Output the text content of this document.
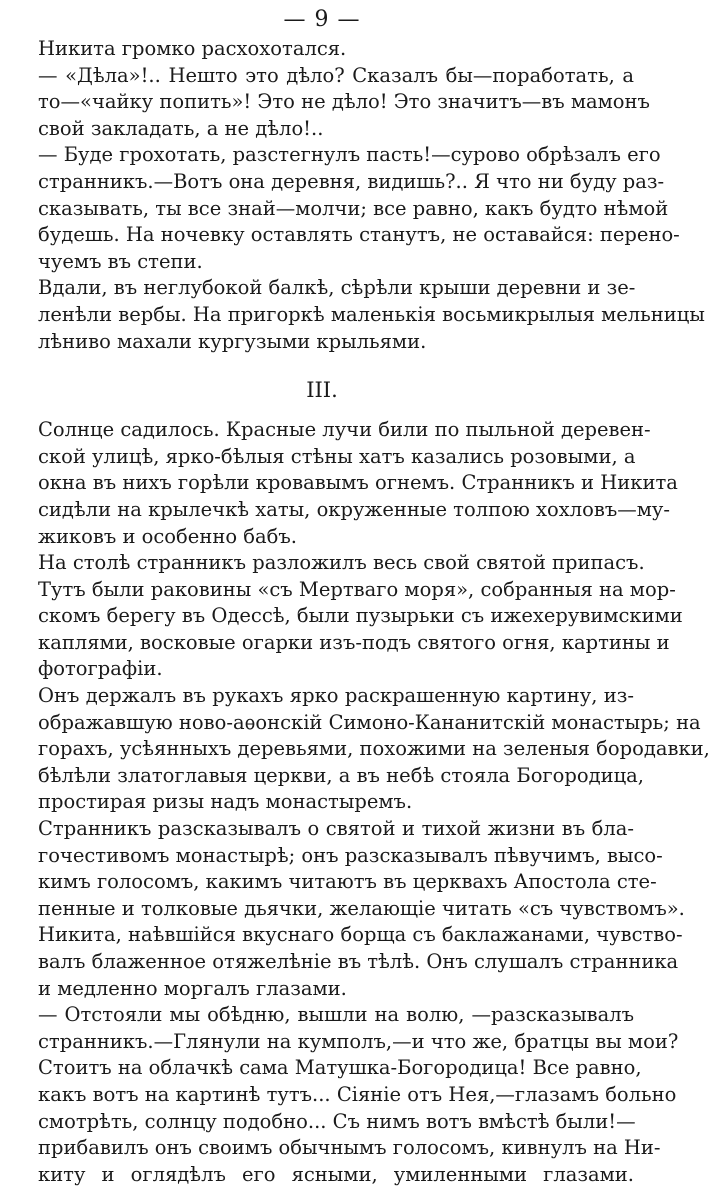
— 9 —
Никита громко расхохотался.
— «Дѣла»!.. Нешто это дѣло? Сказалъ бы—поработать, а
то—«чайку попить»! Это не дѣло! Это значитъ—въ мамонъ
свой закладать, а не дѣло!..
— Буде грохотать, разстегнулъ пасть!—сурово обрѣзалъ его
странникъ.—Вотъ она деревня, видишь?.. Я что ни буду раз-
сказывать, ты все знай—молчи; все равно, какъ будто нѣмой
будешь. На ночевку оставлять станутъ, не оставайся: перено-
чуемъ въ степи.
Вдали, въ неглубокой балкѣ, сѣрѣли крыши деревни и зе-
ленѣли вербы. На пригоркѣ маленькія восьмикрылыя мельницы
лѣниво махали кургузыми крыльями.
III.
Солнце садилось. Красные лучи били по пыльной деревен-
ской улицѣ, ярко-бѣлыя стѣны хатъ казались розовыми, а
окна въ нихъ горѣли кровавымъ огнемъ. Странникъ и Никита
сидѣли на крылечкѣ хаты, окруженные толпою хохловъ—му-
жиковъ и особенно бабъ.
На столѣ странникъ разложилъ весь свой святой припасъ.
Тутъ были раковины «съ Мертваго моря», собранныя на мор-
скомъ берегу въ Одессѣ, были пузырьки съ ижехерувимскими
каплями, восковые огарки изъ-подъ святого огня, картины и
фотографіи.
Онъ держалъ въ рукахъ ярко раскрашенную картину, из-
ображавшую ново-аѳонскій Симоно-Кананитскій монастырь; на
горахъ, усѣянныхъ деревьями, похожими на зеленыя бородавки,
бѣлѣли златоглавыя церкви, а въ небѣ стояла Богородица,
простирая ризы надъ монастыремъ.
Странникъ разсказывалъ о святой и тихой жизни въ бла-
гочестивомъ монастырѣ; онъ разсказывалъ пѣвучимъ, высо-
кимъ голосомъ, какимъ читаютъ въ церквахъ Апостола сте-
пенные и толковые дьячки, желающіе читать «съ чувствомъ».
Никита, наѣвшійся вкуснаго борща съ баклажанами, чувство-
валъ блаженное отяжелѣніе въ тѣлѣ. Онъ слушалъ странника
и медленно моргалъ глазами.
— Отстояли мы обѣдню, вышли на волю, —разсказывалъ
странникъ.—Глянули на кумполъ,—и что же, братцы вы мои?
Стоитъ на облачкѣ сама Матушка-Богородица! Все равно,
какъ вотъ на картинѣ тутъ... Сіяніе отъ Нея,—глазамъ больно
смотрѣть, солнцу подобно... Съ нимъ вотъ вмѣстѣ были!—
прибавилъ онъ своимъ обычнымъ голосомъ, кивнулъ на Ни-
киту и оглядѣлъ его ясными, умиленными глазами.
